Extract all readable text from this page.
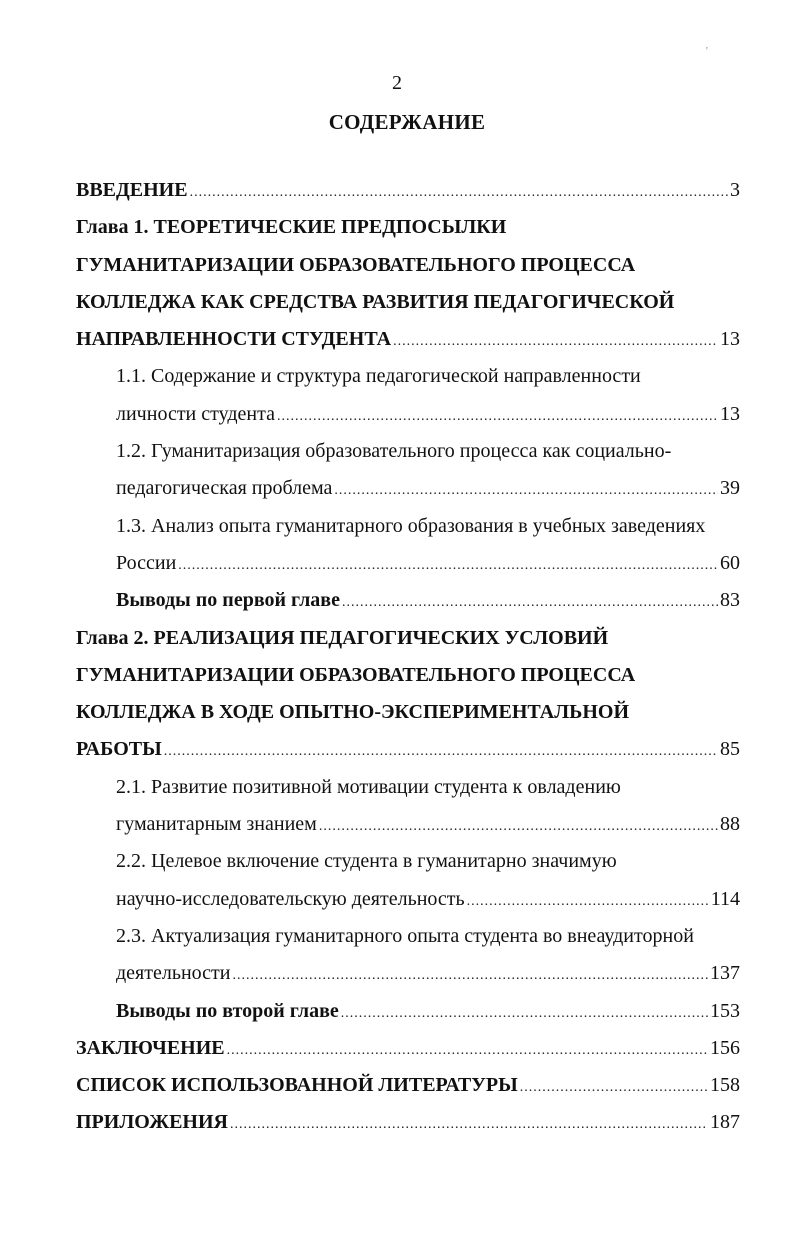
'
2
СОДЕРЖАНИЕ
ВВЕДЕНИЕ .....	3
Глава 1. ТЕОРЕТИЧЕСКИЕ ПРЕДПОСЫЛКИ
ГУМАНИТАРИЗАЦИИ ОБРАЗОВАТЕЛЬНОГО ПРОЦЕССА
КОЛЛЕДЖА КАК СРЕДСТВА РАЗВИТИЯ ПЕДАГОГИЧЕСКОЙ
НАПРАВЛЕННОСТИ СТУДЕНТА .....	13
1.1. Содержание и структура педагогической направленности
личности студента .....	13
1.2. Гуманитаризация образовательного процесса как социально-
педагогическая проблема .....	39
1.3. Анализ опыта гуманитарного образования в учебных заведениях
России .....	60
Выводы по первой главе .....	83
Глава 2. РЕАЛИЗАЦИЯ ПЕДАГОГИЧЕСКИХ УСЛОВИЙ
ГУМАНИТАРИЗАЦИИ ОБРАЗОВАТЕЛЬНОГО ПРОЦЕССА
КОЛЛЕДЖА В ХОДЕ ОПЫТНО-ЭКСПЕРИМЕНТАЛЬНОЙ
РАБОТЫ .....	85
2.1. Развитие позитивной мотивации студента к овладению
гуманитарным знанием .....	88
2.2. Целевое включение студента в гуманитарно значимую
научно-исследовательскую деятельность .....	114
2.3. Актуализация гуманитарного опыта студента во внеаудиторной
деятельности .....	137
Выводы по второй главе .....	153
ЗАКЛЮЧЕНИЕ .....	156
СПИСОК ИСПОЛЬЗОВАННОЙ ЛИТЕРАТУРЫ .....	158
ПРИЛОЖЕНИЯ .....	187
